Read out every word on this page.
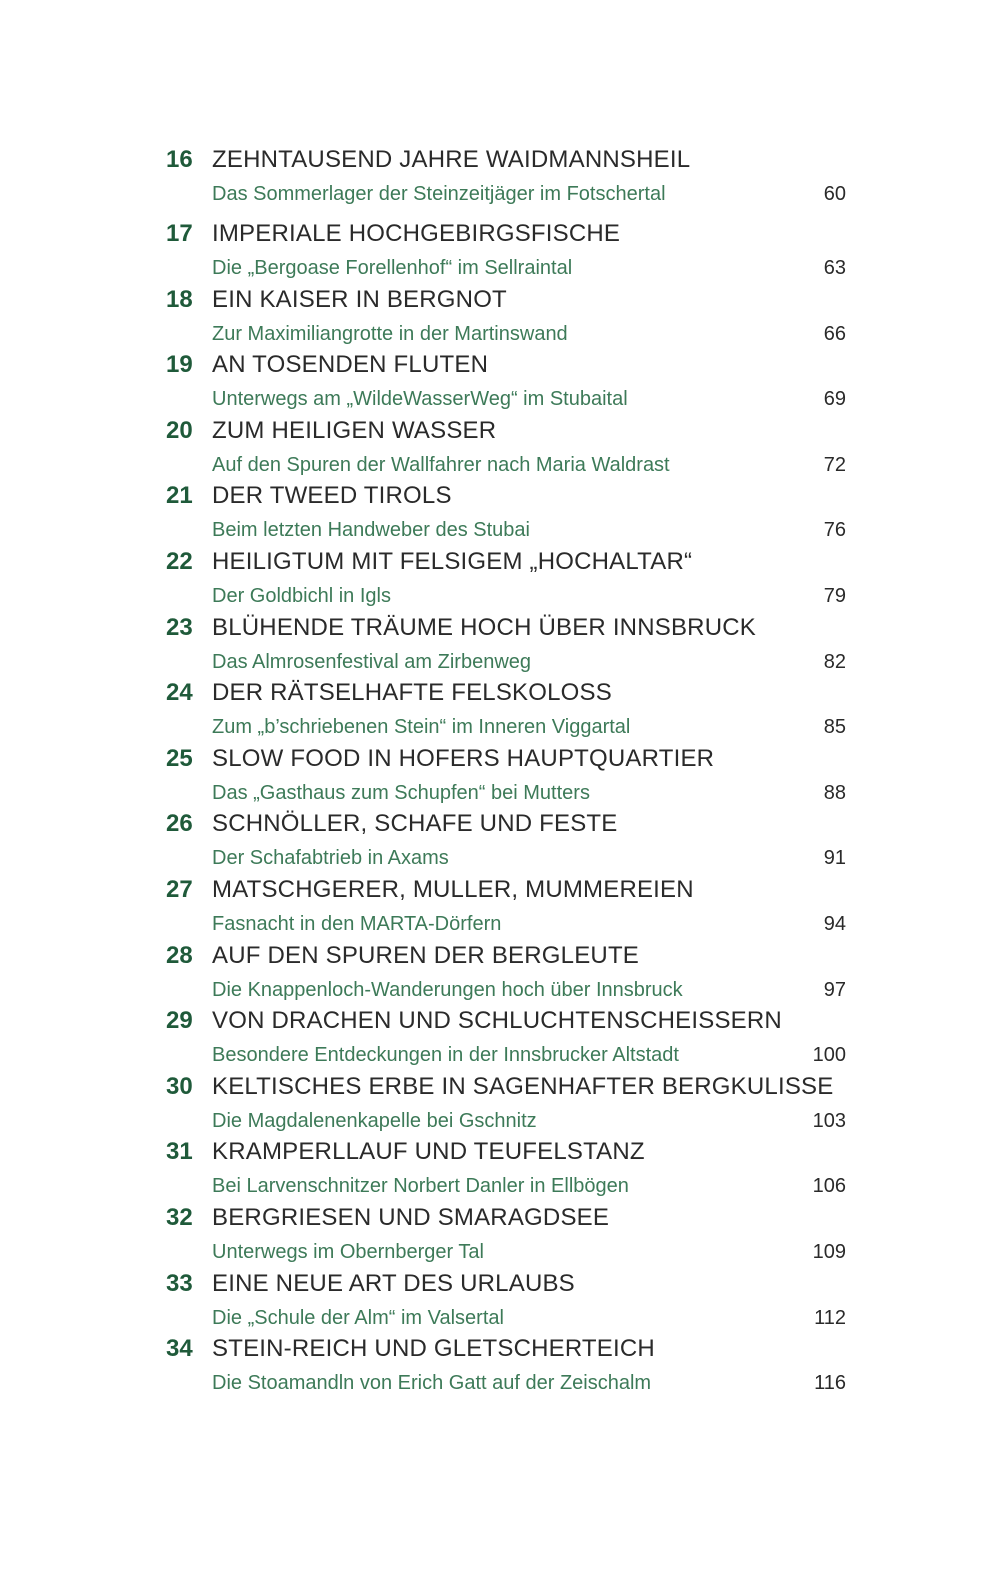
16 ZEHNTAUSEND JAHRE WAIDMANNSHEIL
Das Sommerlager der Steinzeitjäger im Fotschertal	60
17 IMPERIALE HOCHGEBIRGSFISCHE
Die „Bergoase Forellenhof“ im Sellraintal	63
18 EIN KAISER IN BERGNOT
Zur Maximiliangrotte in der Martinswand	66
19 AN TOSENDEN FLUTEN
Unterwegs am „WildeWasserWeg“ im Stubaital	69
20 ZUM HEILIGEN WASSER
Auf den Spuren der Wallfahrer nach Maria Waldrast	72
21 DER TWEED TIROLS
Beim letzten Handweber des Stubai	76
22 HEILIGTUM MIT FELSIGEM „HOCHALTAR“
Der Goldbichl in Igls	79
23 BLÜHENDE TRÄUME HOCH ÜBER INNSBRUCK
Das Almrosenfestival am Zirbenweg	82
24 DER RÄTSELHAFTE FELSKOLOSS
Zum „b’schriebenen Stein“ im Inneren Viggartal	85
25 SLOW FOOD IN HOFERS HAUPTQUARTIER
Das „Gasthaus zum Schupfen“ bei Mutters	88
26 SCHNÖLLER, SCHAFE UND FESTE
Der Schafabtrieb in Axams	91
27 MATSCHGERER, MULLER, MUMMEREIEN
Fasnacht in den MARTA-Dörfern	94
28 AUF DEN SPUREN DER BERGLEUTE
Die Knappenloch-Wanderungen hoch über Innsbruck	97
29 VON DRACHEN UND SCHLUCHTENSCHEISSERN
Besondere Entdeckungen in der Innsbrucker Altstadt	100
30 KELTISCHES ERBE IN SAGENHAFTER BERGKULISSE
Die Magdalenenkapelle bei Gschnitz	103
31 KRAMPERLLAUF UND TEUFELSTANZ
Bei Larvenschnitzer Norbert Danler in Ellbögen	106
32 BERGRIESEN UND SMARAGDSEE
Unterwegs im Obernberger Tal	109
33 EINE NEUE ART DES URLAUBS
Die „Schule der Alm“ im Valsertal	112
34 STEIN-REICH UND GLETSCHERTEICH
Die Stoamandln von Erich Gatt auf der Zeischalm	116
